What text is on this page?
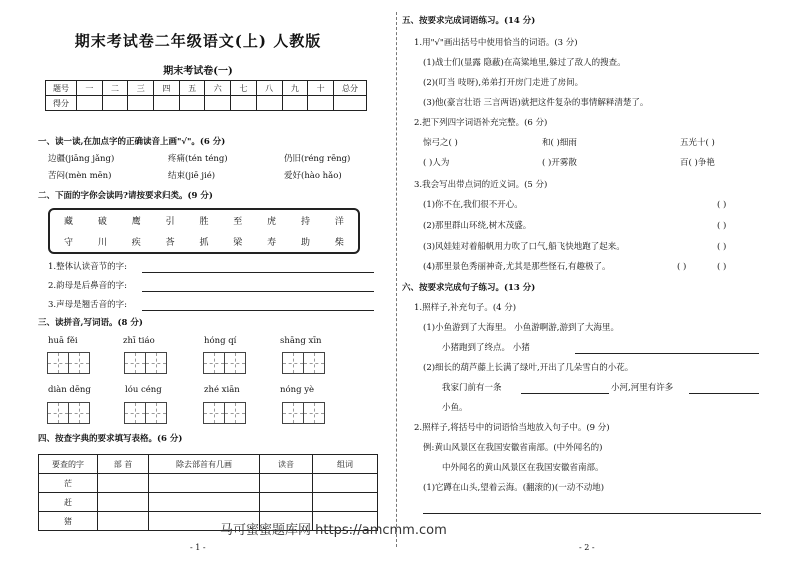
期末考试卷二年级语文(上) 人教版
期末考试卷(一)
题号	一	二	三	四	五	六	七	八	九	十	总分
得分											
一、读一读,在加点字的正确读音上画"√"。(6 分)
边疆(jiāng jǎng)	疼痛(tén téng)	仍旧(réng rēng)
苦闷(mèn mēn)	结束(jiē jié)	爱好(hào hǎo)
二、下面的字你会读吗?请按要求归类。(9 分)
藏	破	鹰	引	胜	至	虎	持	洋
守	川	疾	荅	抓	梁	寿	助	柴
1.整体认读音节的字:
2.韵母是后鼻音的字:
3.声母是翘舌音的字:
三、读拼音,写词语。(8 分)
huā fěi	zhī tiáo	hóng qí	shāng xīn
diàn dēng	lóu céng	zhé xiān	nóng yè
四、按查字典的要求填写表格。(6 分)
要查的字	部 首	除去部首有几画	读音	组词
茫				
赶				
猪				
- 1 -
五、按要求完成词语练习。(14 分)
1.用"√"画出括号中使用恰当的词语。(3 分)
(1)战士们(显露 隐蔽)在高粱地里,躲过了敌人的搜查。
(2)(叮当 吱呀),弟弟打开房门走进了房间。
(3)他(豪言壮语 三言两语)就把这件复杂的事情解释清楚了。
2.把下列四字词语补充完整。(6 分)
惊弓之( )	和( )细雨	五光十( )
( )人为	( )开雾散	百( )争艳
3.我会写出带点词的近义词。(5 分)
(1)你不在,我们很不开心。	( )
(2)那里群山环绕,树木茂盛。	( )
(3)风娃娃对着船帆用力吹了口气,船飞快地跑了起来。	( )
(4)那里景色秀丽神奇,尤其是那些怪石,有趣极了。	( )	( )
六、按要求完成句子练习。(13 分)
1.照样子,补充句子。(4 分)
(1)小鱼游到了大海里。 小鱼游啊游,游到了大海里。
小猪跑到了终点。 小猪
(2)细长的葫芦藤上长满了绿叶,开出了几朵雪白的小花。
我家门前有一条	小河,河里有许多
小鱼。
2.照样子,将括号中的词语恰当地放入句子中。(9 分)
例:黄山风景区在我国安徽省南部。(中外闻名的)
中外闻名的黄山风景区在我国安徽省南部。
(1)它蹲在山头,望着云海。(翻滚的)(一动不动地)
- 2 -
马可蜜蜜题库网 https://amcmm.com
